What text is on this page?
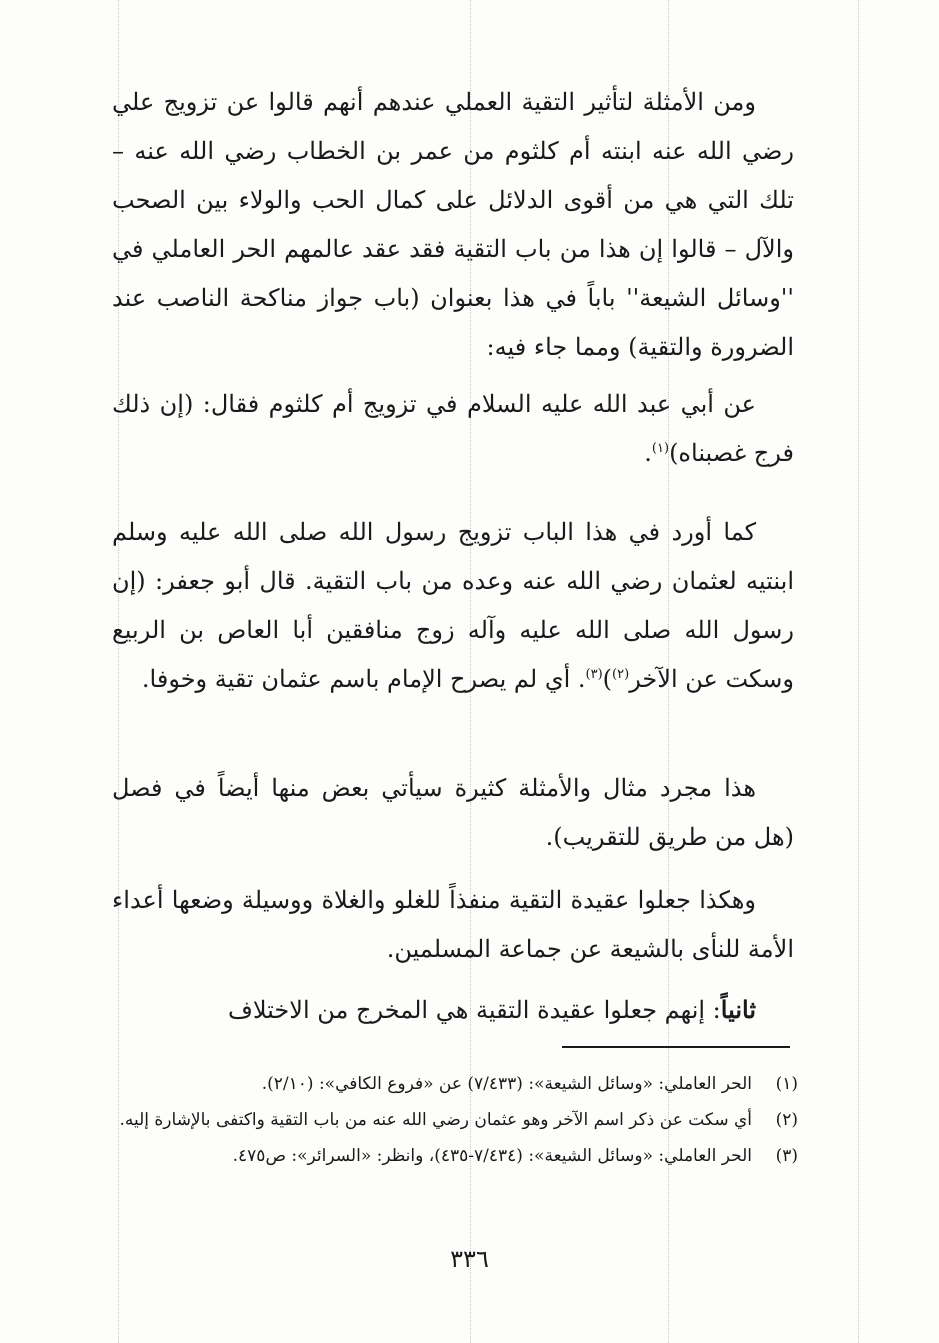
ومن الأمثلة لتأثير التقية العملي عندهم أنهم قالوا عن تزويج علي رضي الله عنه ابنته أم كلثوم من عمر بن الخطاب رضي الله عنه – تلك التي هي من أقوى الدلائل على كمال الحب والولاء بين الصحب والآل – قالوا إن هذا من باب التقية فقد عقد عالمهم الحر العاملي في ''وسائل الشيعة'' باباً في هذا بعنوان (باب جواز مناكحة الناصب عند الضرورة والتقية) ومما جاء فيه:

عن أبي عبد الله عليه السلام في تزويج أم كلثوم فقال: (إن ذلك فرج غصبناه)$^{(١)}$.

كما أورد في هذا الباب تزويج رسول الله صلى الله عليه وسلم ابنتيه لعثمان رضي الله عنه وعده من باب التقية. قال أبو جعفر: (إن رسول الله صلى الله عليه وآله زوج منافقين أبا العاص بن الربيع وسكت عن الآخر$^{(٢)}$)$^{(٣)}$. أي لم يصرح الإمام باسم عثمان تقية وخوفا.

هذا مجرد مثال والأمثلة كثيرة سيأتي بعض منها أيضاً في فصل (هل من طريق للتقريب).

وهكذا جعلوا عقيدة التقية منفذاً للغلو والغلاة ووسيلة وضعها أعداء الأمة للنأى بالشيعة عن جماعة المسلمين.

ثانياً: إنهم جعلوا عقيدة التقية هي المخرج من الاختلاف

(١)
الحر العاملي: «وسائل الشيعة»: (٧/٤٣٣) عن «فروع الكافي»: (٢/١٠).
(٢)
أي سكت عن ذكر اسم الآخر وهو عثمان رضي الله عنه من باب التقية واكتفى بالإشارة إليه.
(٣)
الحر العاملي: «وسائل الشيعة»: (٧/٤٣٤-٤٣٥)، وانظر: «السرائر»: ص٤٧٥.
٣٣٦
